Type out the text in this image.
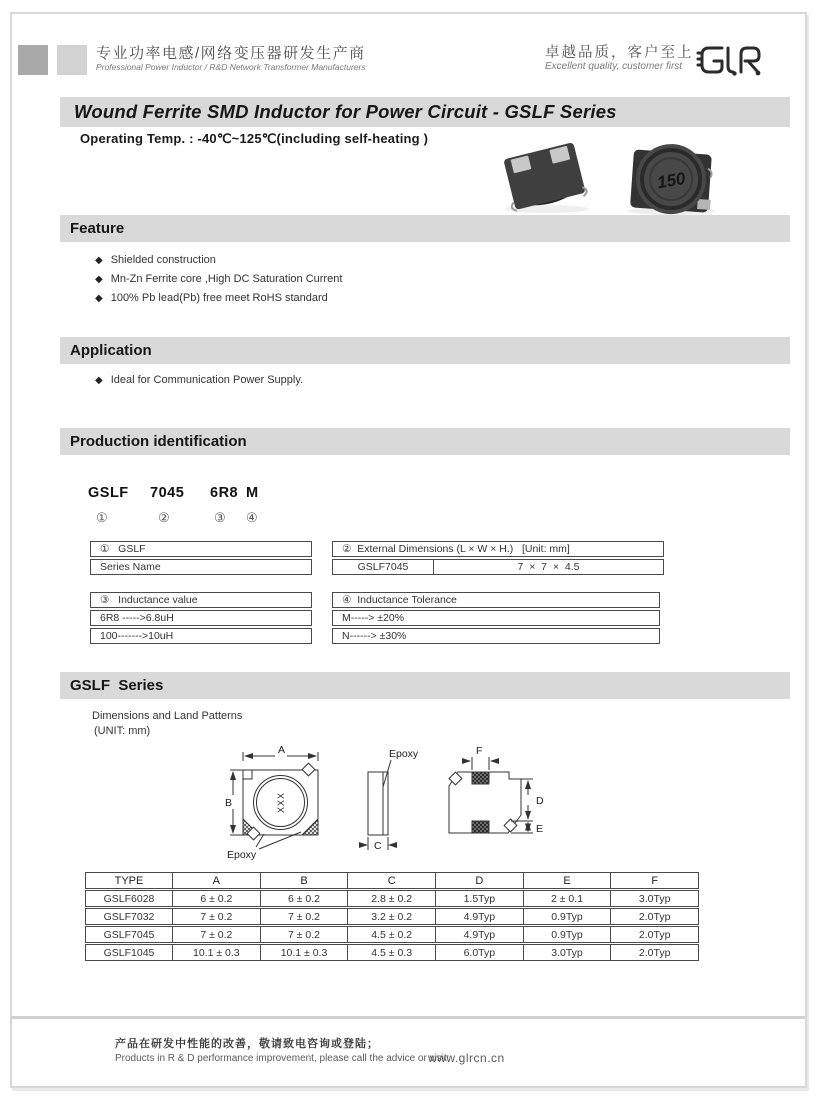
专业功率电感/网络变压器研发生产商
Professional Power Inductor / R&D Network Transformer Manufacturers
卓越品质，客户至上
Excellent quality, customer first
Wound Ferrite SMD Inductor for Power Circuit - GSLF Series
Operating Temp. : -40℃~125℃(including self-heating )
150
Feature
◆ Shielded construction
◆ Mn-Zn Ferrite core ,High DC Saturation Current
◆ 100% Pb lead(Pb) free meet RoHS standard
Application
◆ Ideal for Communication Power Supply.
Production identification
GSLF 7045 6R8 M
①	②	③ ④
①   GSLF
Series Name
②  External Dimensions (L × W × H.)   [Unit: mm]
GSLF7045	7  ×  7  ×  4.5
③   Inductance value
6R8 ----->6.8uH
100------->10uH
④  Inductance Tolerance
M-----> ±20%
N------> ±30%
GSLF  Series
Dimensions and Land Patterns
(UNIT: mm)
A
B
C
D
E
F
Epoxy
Epoxy
XXX
TYPE	A	B	C	D	E	F
GSLF6028	6 ± 0.2	6 ± 0.2	2.8 ± 0.2	1.5Typ	2 ± 0.1	3.0Typ
GSLF7032	7 ± 0.2	7 ± 0.2	3.2 ± 0.2	4.9Typ	0.9Typ	2.0Typ
GSLF7045	7 ± 0.2	7 ± 0.2	4.5 ± 0.2	4.9Typ	0.9Typ	2.0Typ
GSLF1045	10.1 ± 0.3	10.1 ± 0.3	4.5 ± 0.3	6.0Typ	3.0Typ	2.0Typ
产品在研发中性能的改善，敬请致电咨询或登陆；
Products in R & D performance improvement, please call the advice or visit:
www.glrcn.cn
